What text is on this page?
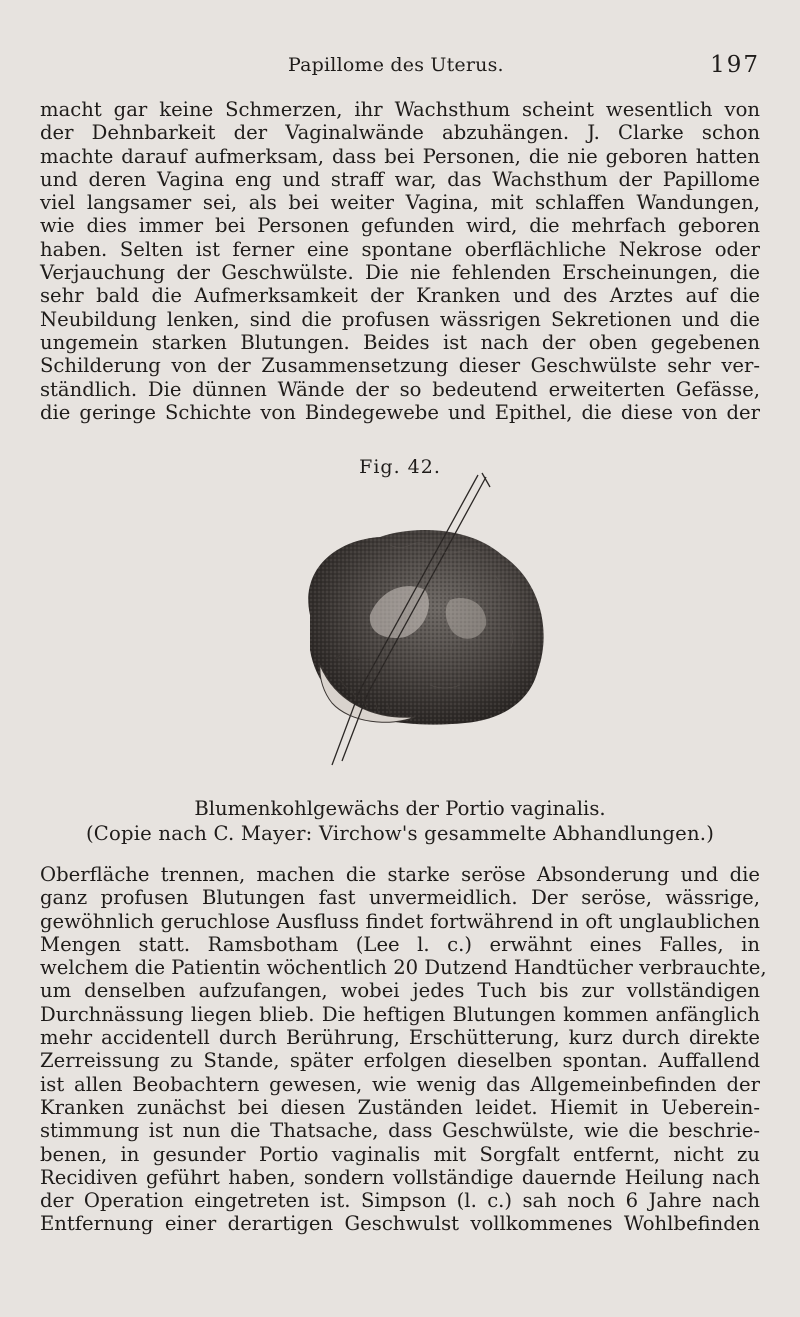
Papillome des Uterus.	197

macht gar keine Schmerzen, ihr Wachsthum scheint wesentlich von
der Dehnbarkeit der Vaginalwände abzuhängen. J. Clarke schon
machte darauf aufmerksam, dass bei Personen, die nie geboren hatten
und deren Vagina eng und straff war, das Wachsthum der Papillome
viel langsamer sei, als bei weiter Vagina, mit schlaffen Wandungen,
wie dies immer bei Personen gefunden wird, die mehrfach geboren
haben. Selten ist ferner eine spontane oberflächliche Nekrose oder
Verjauchung der Geschwülste. Die nie fehlenden Erscheinungen, die
sehr bald die Aufmerksamkeit der Kranken und des Arztes auf die
Neubildung lenken, sind die profusen wässrigen Sekretionen und die
ungemein starken Blutungen. Beides ist nach der oben gegebenen
Schilderung von der Zusammensetzung dieser Geschwülste sehr ver-
ständlich. Die dünnen Wände der so bedeutend erweiterten Gefässe,
die geringe Schichte von Bindegewebe und Epithel, die diese von der

Fig. 42.
Blumenkohlgewächs der Portio vaginalis.
(Copie nach C. Mayer: Virchow's gesammelte Abhandlungen.)

Oberfläche trennen, machen die starke seröse Absonderung und die
ganz profusen Blutungen fast unvermeidlich. Der seröse, wässrige,
gewöhnlich geruchlose Ausfluss findet fortwährend in oft unglaublichen
Mengen statt. Ramsbotham (Lee l. c.) erwähnt eines Falles, in
welchem die Patientin wöchentlich 20 Dutzend Handtücher verbrauchte,
um denselben aufzufangen, wobei jedes Tuch bis zur vollständigen
Durchnässung liegen blieb. Die heftigen Blutungen kommen anfänglich
mehr accidentell durch Berührung, Erschütterung, kurz durch direkte
Zerreissung zu Stande, später erfolgen dieselben spontan. Auffallend
ist allen Beobachtern gewesen, wie wenig das Allgemeinbefinden der
Kranken zunächst bei diesen Zuständen leidet. Hiemit in Ueberein-
stimmung ist nun die Thatsache, dass Geschwülste, wie die beschrie-
benen, in gesunder Portio vaginalis mit Sorgfalt entfernt, nicht zu
Recidiven geführt haben, sondern vollständige dauernde Heilung nach
der Operation eingetreten ist. Simpson (l. c.) sah noch 6 Jahre nach
Entfernung einer derartigen Geschwulst vollkommenes Wohlbefinden
